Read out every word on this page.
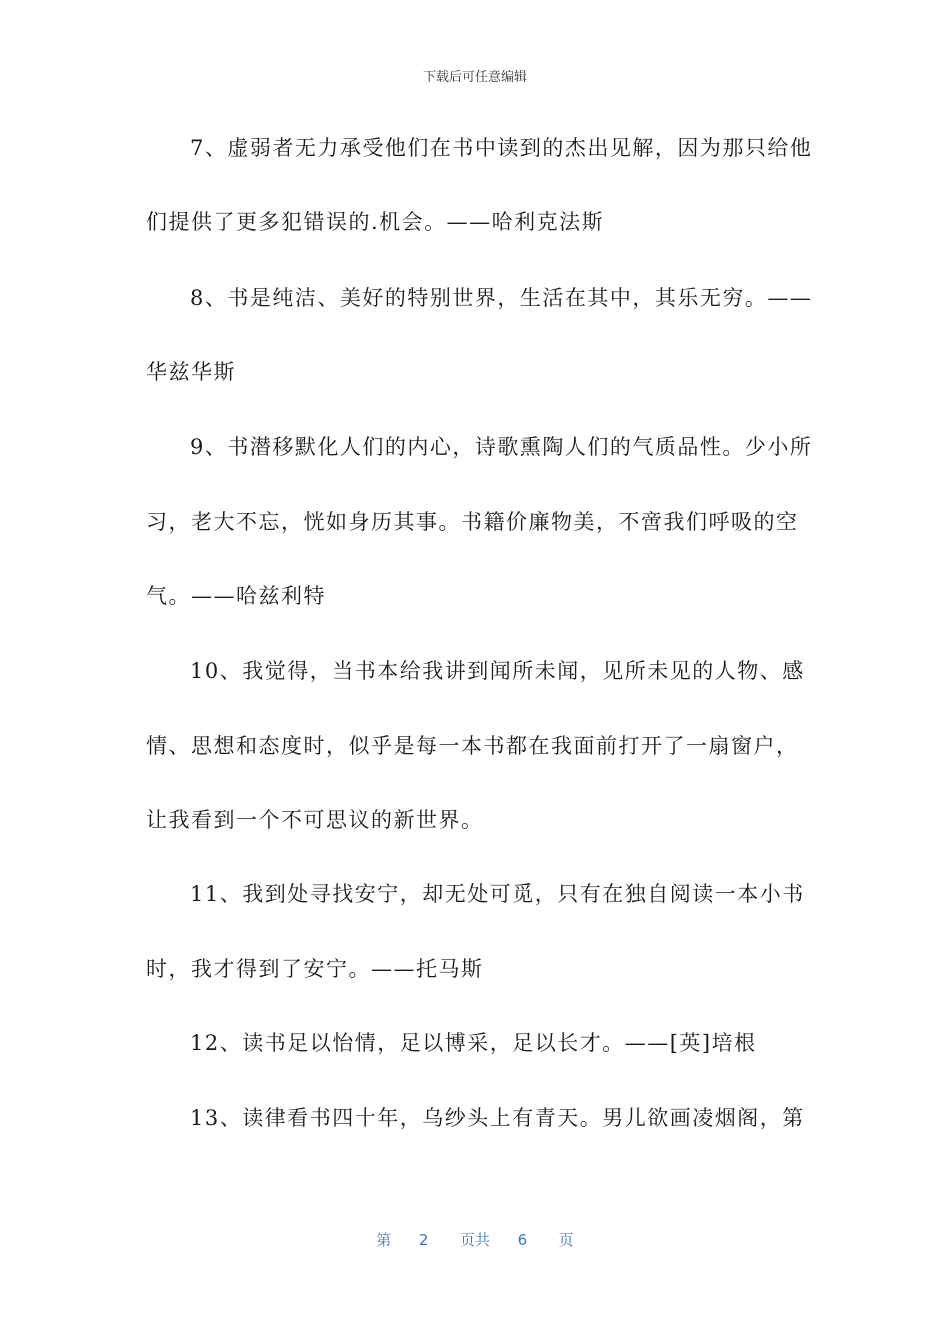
下载后可任意编辑
7、虚弱者无力承受他们在书中读到的杰出见解，因为那只给他
们提供了更多犯错误的.机会。——哈利克法斯
8、书是纯洁、美好的特别世界，生活在其中，其乐无穷。——
华兹华斯
9、书潜移默化人们的内心，诗歌熏陶人们的气质品性。少小所
习，老大不忘，恍如身历其事。书籍价廉物美，不啻我们呼吸的空
气。——哈兹利特
10、我觉得，当书本给我讲到闻所未闻，见所未见的人物、感
情、思想和态度时，似乎是每一本书都在我面前打开了一扇窗户，
让我看到一个不可思议的新世界。
11、我到处寻找安宁，却无处可觅，只有在独自阅读一本小书
时，我才得到了安宁。——托马斯
12、读书足以怡情，足以博采，足以长才。——[英]培根
13、读律看书四十年，乌纱头上有青天。男儿欲画凌烟阁，第
第 2 页共 6 页
